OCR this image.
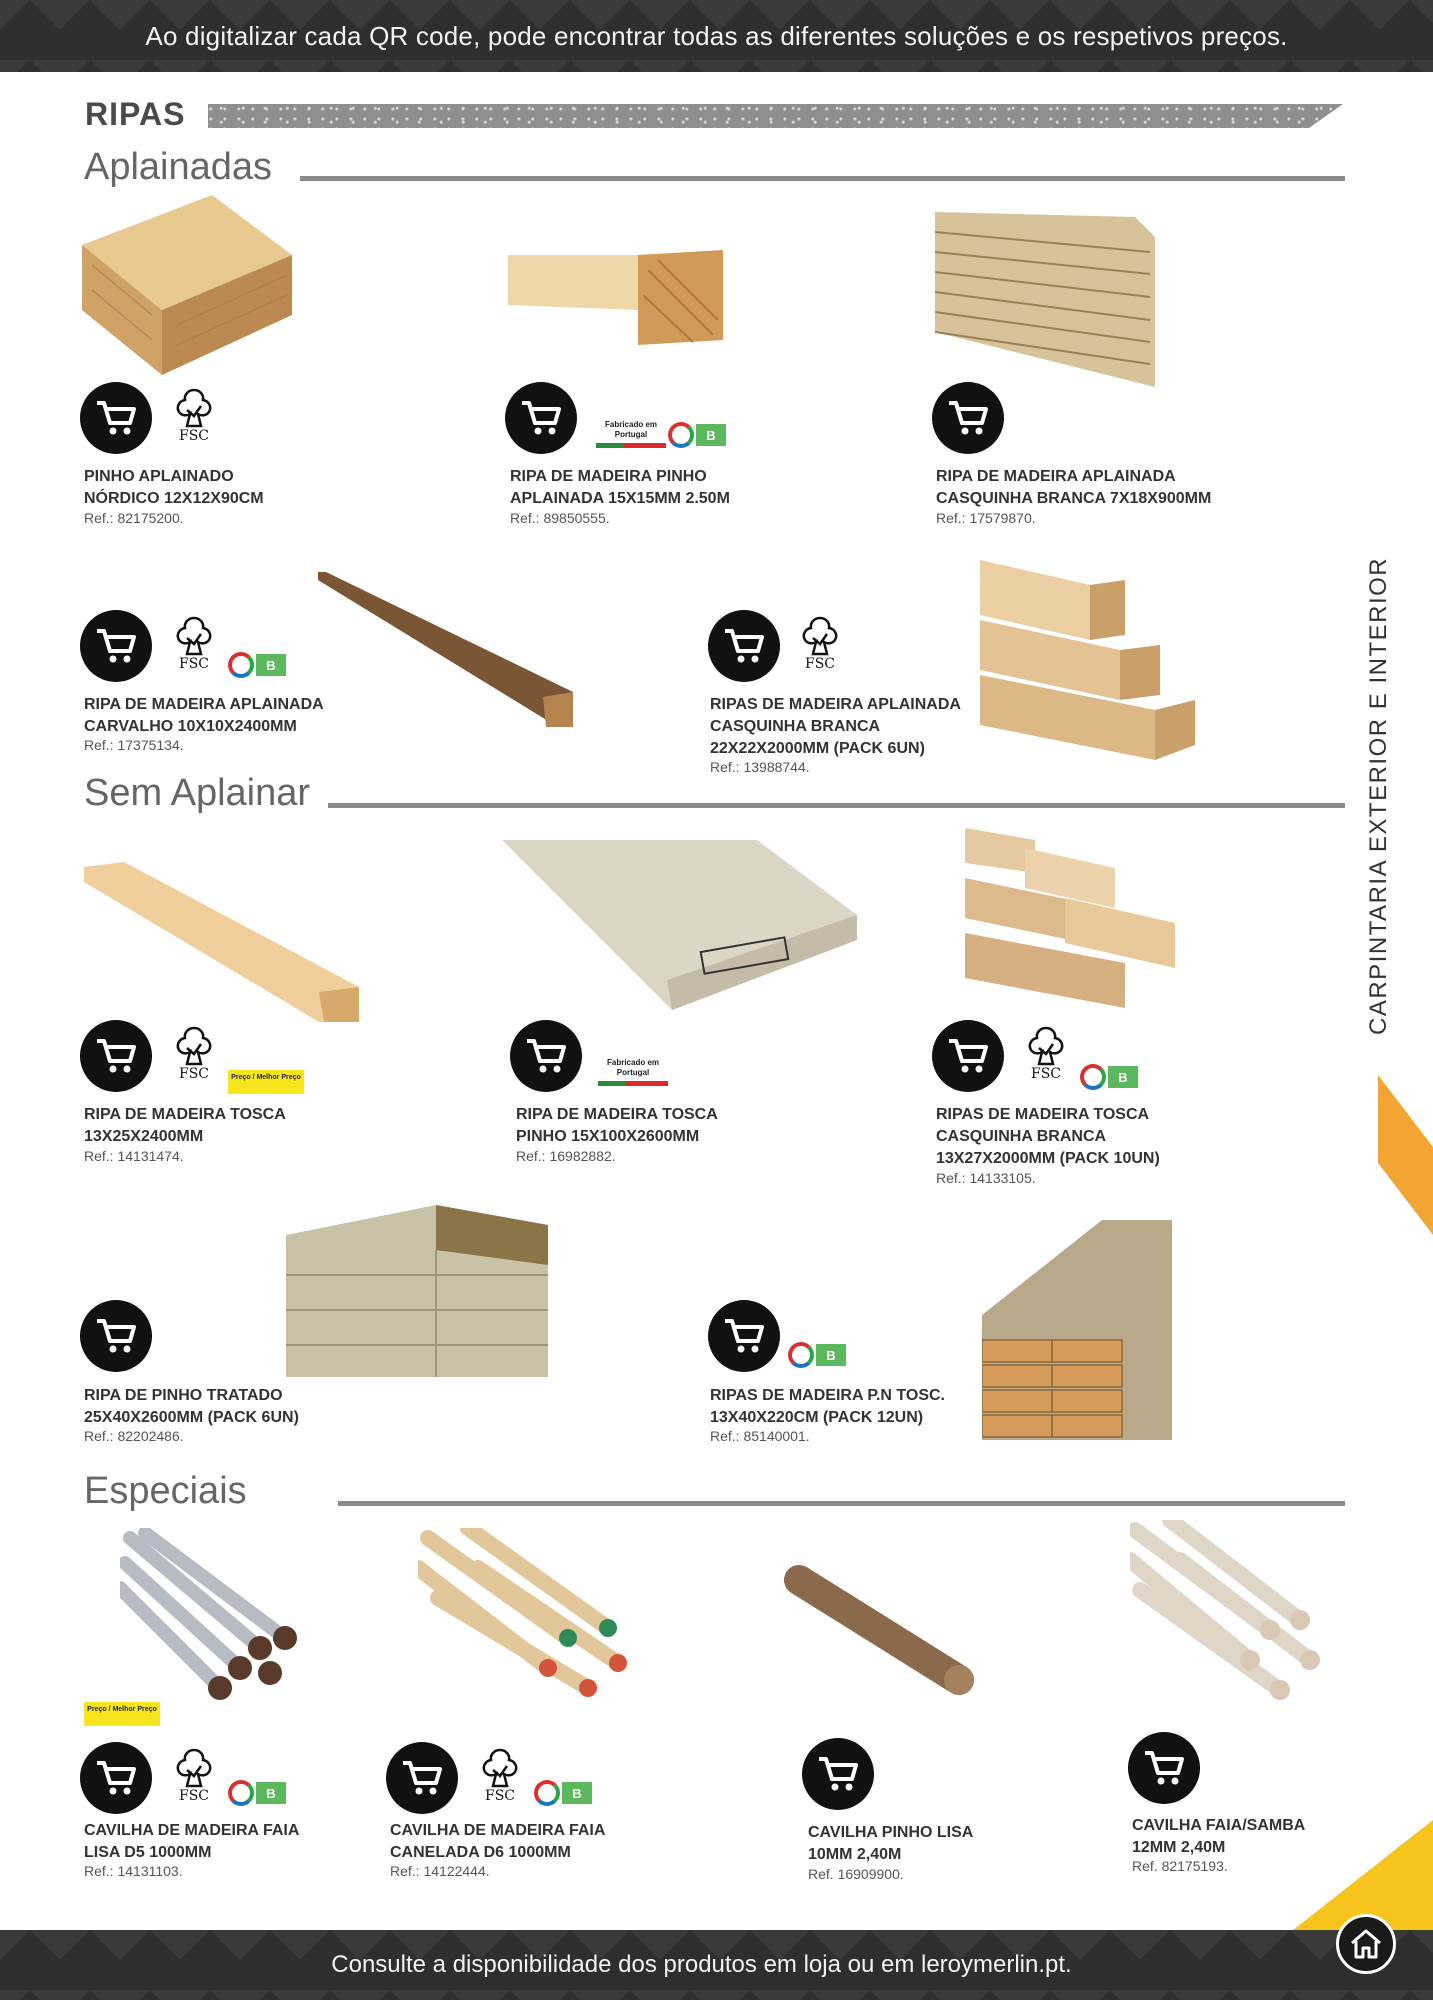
Ao digitalizar cada QR code, pode encontrar todas as diferentes soluções e os respetivos preços.
RIPAS
Aplainadas
CARPINTARIA EXTERIOR E INTERIOR
FSC
PINHO APLAINADO
NÓRDICO 12X12X90CM
Ref.: 82175200.
Fabricado em Portugal	B
RIPA DE MADEIRA PINHO
APLAINADA 15X15MM 2.50M
Ref.: 89850555.
RIPA DE MADEIRA APLAINADA
CASQUINHA BRANCA 7X18X900MM
Ref.: 17579870.
FSC	B
RIPA DE MADEIRA APLAINADA
CARVALHO 10X10X2400MM
Ref.: 17375134.
FSC
RIPAS DE MADEIRA APLAINADA
CASQUINHA BRANCA
22X22X2000MM (PACK 6UN)
Ref.: 13988744.
Sem Aplainar
FSC	Preço / Melhor Preço
RIPA DE MADEIRA TOSCA
13X25X2400MM
Ref.: 14131474.
Fabricado em Portugal
RIPA DE MADEIRA TOSCA
PINHO 15X100X2600MM
Ref.: 16982882.
FSC	B
RIPAS DE MADEIRA TOSCA
CASQUINHA BRANCA
13X27X2000MM (PACK 10UN)
Ref.: 14133105.
RIPA DE PINHO TRATADO
25X40X2600MM (PACK 6UN)
Ref.: 82202486.
B
RIPAS DE MADEIRA P.N TOSC.
13X40X220CM (PACK 12UN)
Ref.: 85140001.
Especiais
Preço / Melhor Preço
FSC	B
CAVILHA DE MADEIRA FAIA
LISA D5 1000MM
Ref.: 14131103.
FSC	B
CAVILHA DE MADEIRA FAIA
CANELADA D6 1000MM
Ref.: 14122444.
CAVILHA PINHO LISA
10MM 2,40M
Ref. 16909900.
CAVILHA FAIA/SAMBA
12MM 2,40M
Ref. 82175193.
Consulte a disponibilidade dos produtos em loja ou em leroymerlin.pt.
